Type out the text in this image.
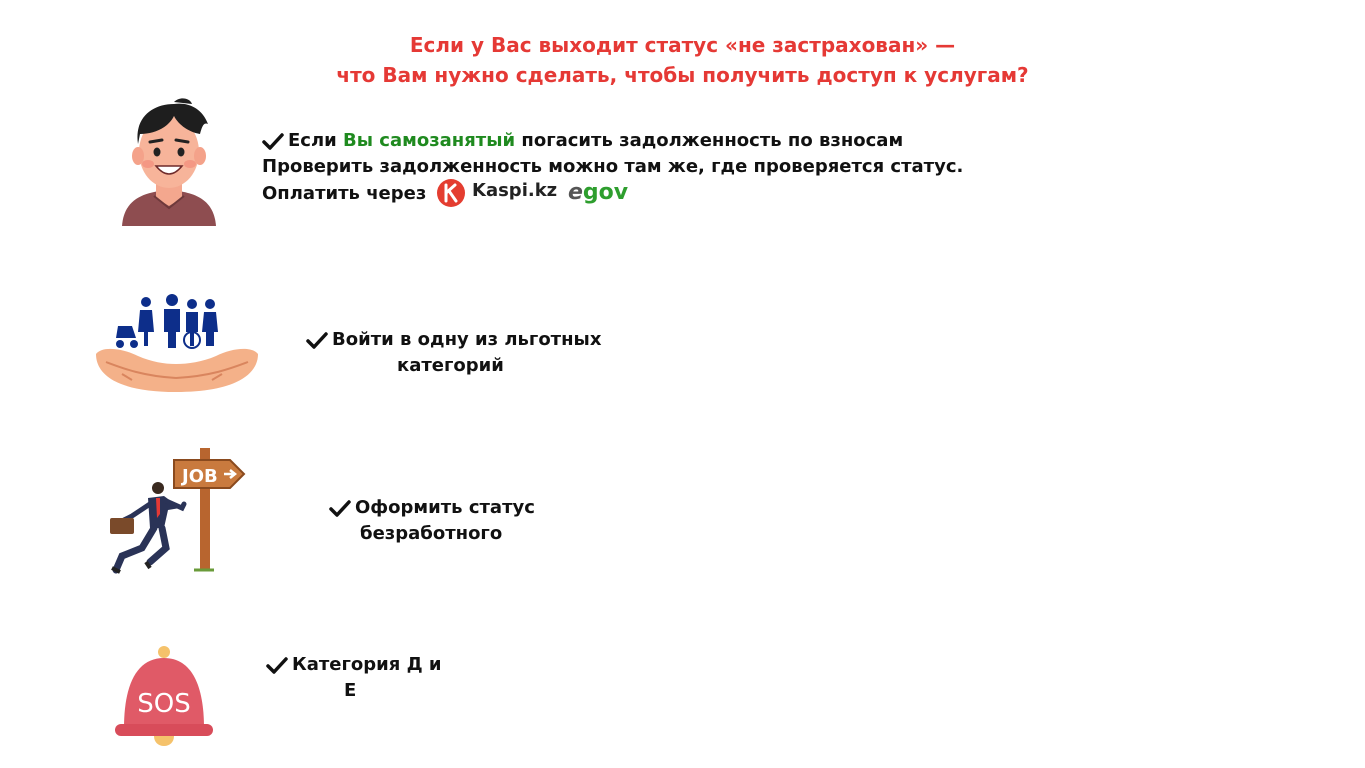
Если у Вас выходит статус «не застрахован» —
что Вам нужно сделать, чтобы получить доступ к услугам?
Если Вы самозанятый погасить задолженность по взносам
Проверить задолженность можно там же, где проверяется статус.
Оплатить через	Kaspi.kz egov
Войти в одну из льготных
категорий
JOB
Оформить статус
безработного
SOS
Категория Д и
Е
